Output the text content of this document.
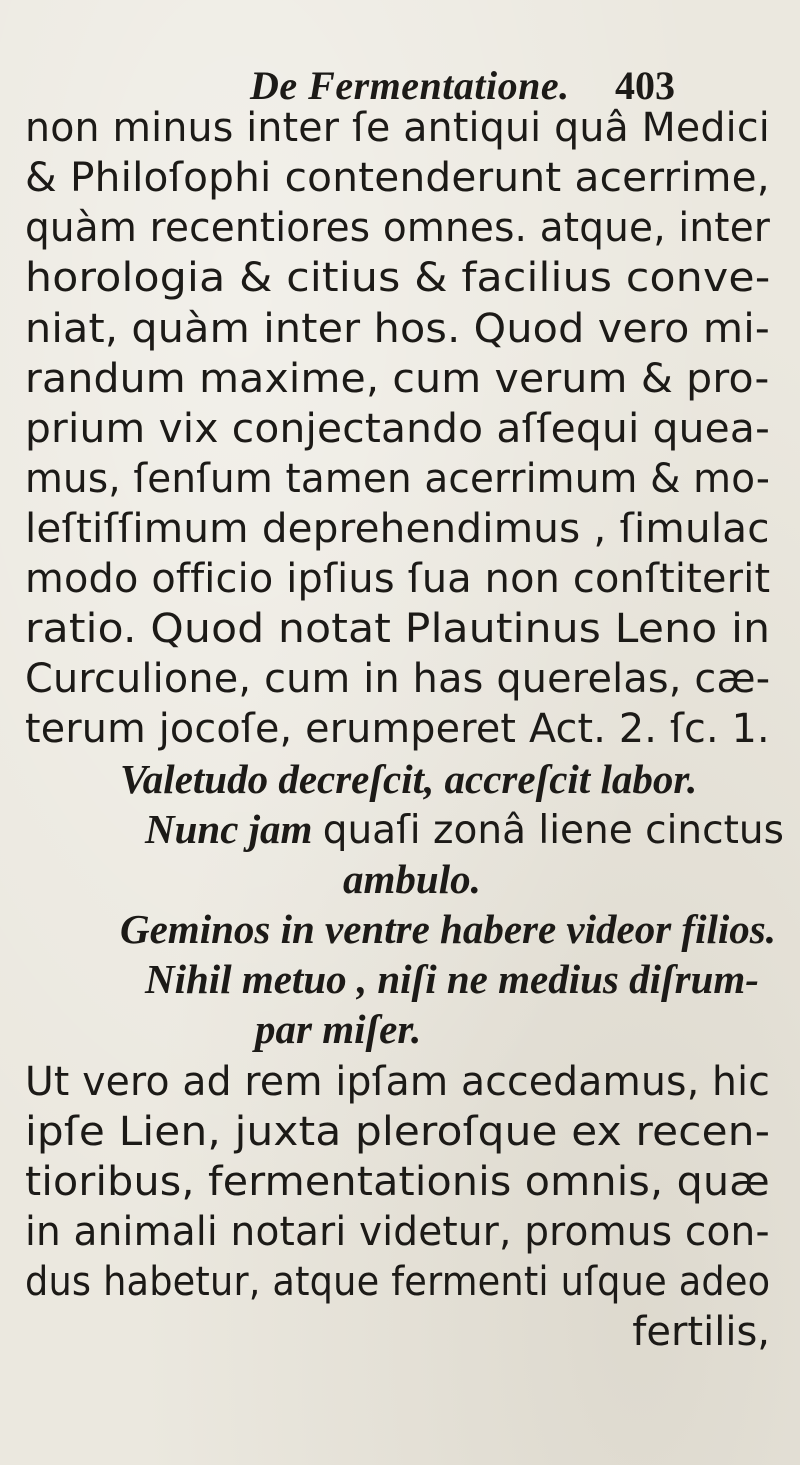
De Fermentatione. 403
non minus inter ſe antiqui quâ Medici
& Philoſophi contenderunt acerrime,
quàm recentiores omnes. atque, inter
horologia & citius & facilius conve-
niat, quàm inter hos. Quod vero mi-
randum maxime, cum verum & pro-
prium vix conjectando aſſequi quea-
mus, ſenſum tamen acerrimum & mo-
leſtiſſimum deprehendimus , ſimulac
modo officio ipſius ſua non conſtiterit
ratio. Quod notat Plautinus Leno in
Curculione, cum in has querelas, cæ-
terum jocoſe, erumperet Act. 2. ſc. 1.
Valetudo decreſcit, accreſcit labor.
Nunc jam quaſi zonâ liene cinctus
ambulo.
Geminos in ventre habere videor filios.
Nihil metuo , niſi ne medius diſrum-
par miſer.
Ut vero ad rem ipſam accedamus, hic
ipſe Lien, juxta pleroſque ex recen-
tioribus, fermentationis omnis, quæ
in animali notari videtur, promus con-
dus habetur, atque fermenti uſque adeo
fertilis,
